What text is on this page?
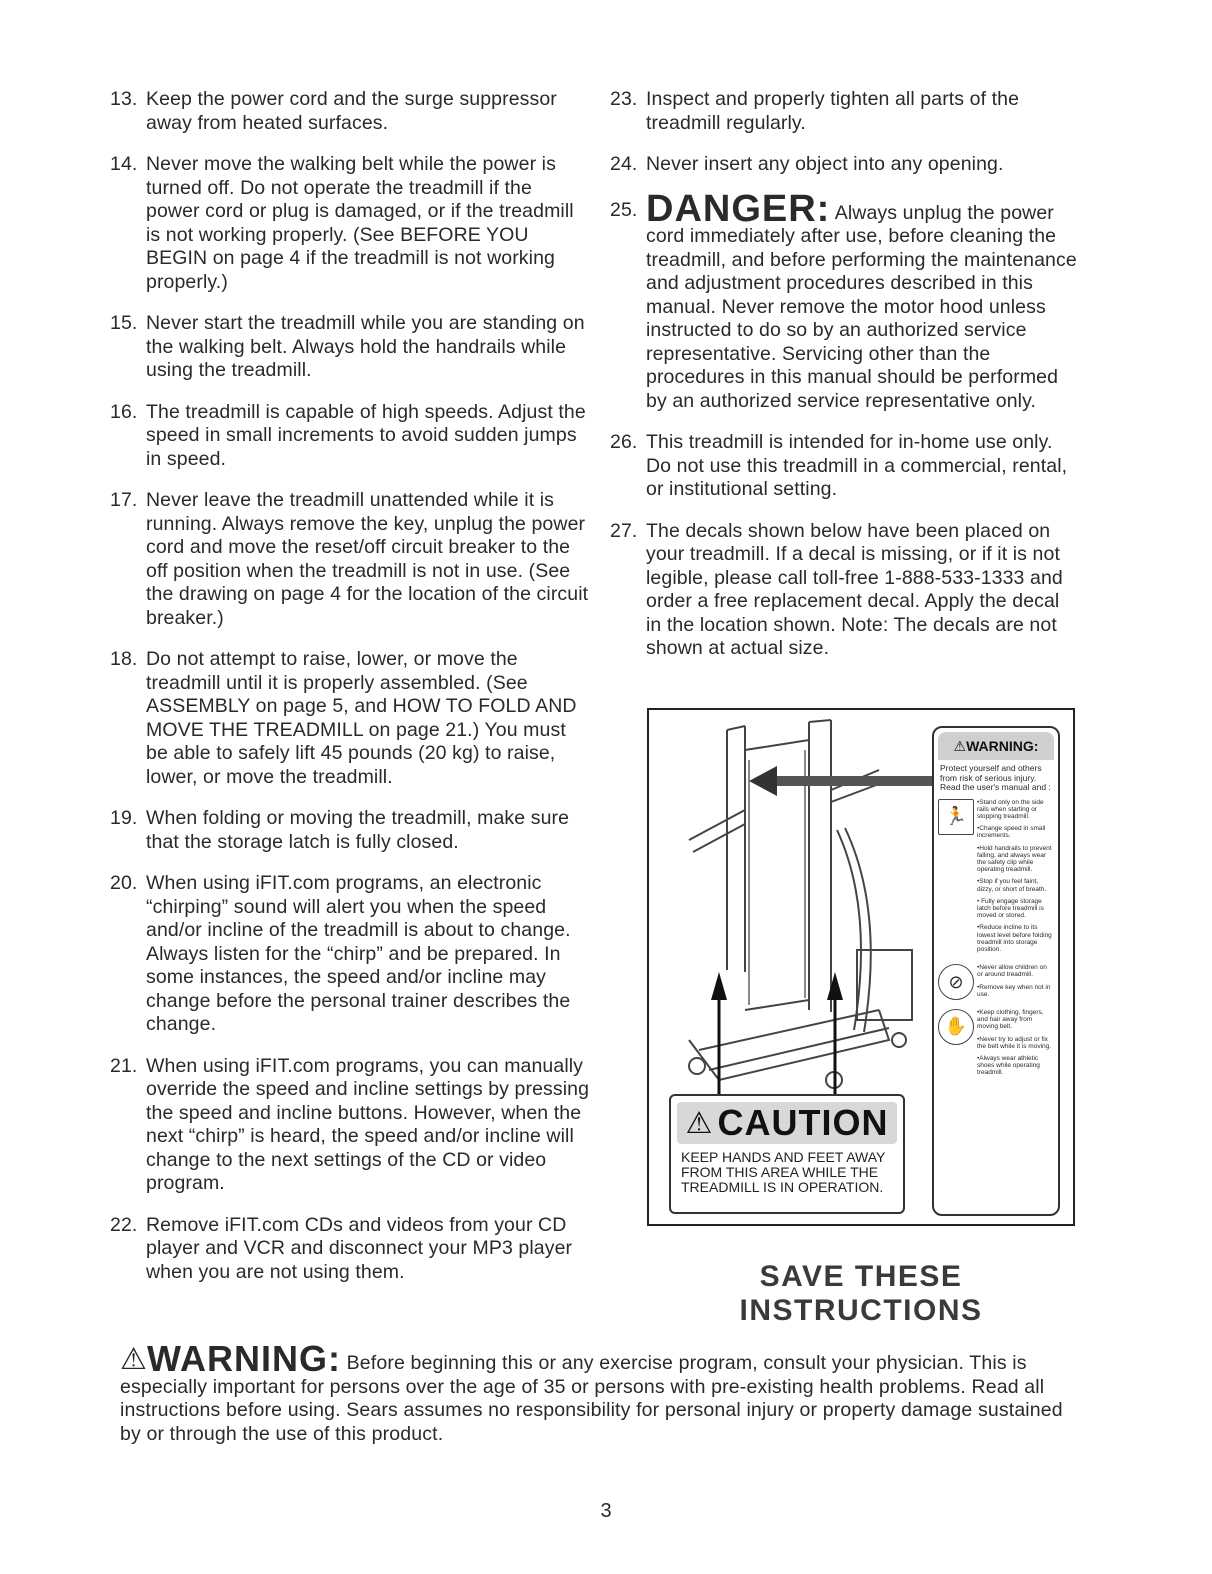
13. Keep the power cord and the surge suppressor away from heated surfaces.
14. Never move the walking belt while the power is turned off. Do not operate the treadmill if the power cord or plug is damaged, or if the treadmill is not working properly. (See BEFORE YOU BEGIN on page 4 if the treadmill is not working properly.)
15. Never start the treadmill while you are standing on the walking belt. Always hold the handrails while using the treadmill.
16. The treadmill is capable of high speeds. Adjust the speed in small increments to avoid sudden jumps in speed.
17. Never leave the treadmill unattended while it is running. Always remove the key, unplug the power cord and move the reset/off circuit breaker to the off position when the treadmill is not in use. (See the drawing on page 4 for the location of the circuit breaker.)
18. Do not attempt to raise, lower, or move the treadmill until it is properly assembled. (See ASSEMBLY on page 5, and HOW TO FOLD AND MOVE THE TREADMILL on page 21.) You must be able to safely lift 45 pounds (20 kg) to raise, lower, or move the treadmill.
19. When folding or moving the treadmill, make sure that the storage latch is fully closed.
20. When using iFIT.com programs, an electronic “chirping” sound will alert you when the speed and/or incline of the treadmill is about to change. Always listen for the “chirp” and be prepared. In some instances, the speed and/or incline may change before the personal trainer describes the change.
21. When using iFIT.com programs, you can manually override the speed and incline settings by pressing the speed and incline buttons. However, when the next “chirp” is heard, the speed and/or incline will change to the next settings of the CD or video program.
22. Remove iFIT.com CDs and videos from your CD player and VCR and disconnect your MP3 player when you are not using them.
23. Inspect and properly tighten all parts of the treadmill regularly.
24. Never insert any object into any opening.
25. DANGER: Always unplug the power cord immediately after use, before cleaning the treadmill, and before performing the maintenance and adjustment procedures described in this manual. Never remove the motor hood unless instructed to do so by an authorized service representative. Servicing other than the procedures in this manual should be performed by an authorized service representative only.
26. This treadmill is intended for in-home use only. Do not use this treadmill in a commercial, rental, or institutional setting.
27. The decals shown below have been placed on your treadmill. If a decal is missing, or if it is not legible, please call toll-free 1-888-533-1333 and order a free replacement decal. Apply the decal in the location shown. Note: The decals are not shown at actual size.
⚠WARNING:
Protect yourself and others from risk of serious injury. Read the user's manual and :
🏃
•Stand only on the side rails when starting or stopping treadmill.
•Change speed in small increments.
•Hold handrails to prevent falling, and always wear the safety clip while operating treadmill.
•Stop if you feel faint, dizzy, or short of breath.
• Fully engage storage latch before treadmill is moved or stored.
•Reduce incline to its lowest level before folding treadmill into storage position.
⊘
•Never allow children on or around treadmill.
•Remove key when not in use.
✋
•Keep clothing, fingers, and hair away from moving belt.
•Never try to adjust or fix the belt while it is moving.
•Always wear athletic shoes while operating treadmill.
⚠ CAUTION
KEEP HANDS AND FEET AWAY FROM THIS AREA WHILE THE TREADMILL IS IN OPERATION.
SAVE THESE INSTRUCTIONS
⚠WARNING: Before beginning this or any exercise program, consult your physician. This is especially important for persons over the age of 35 or persons with pre-existing health problems. Read all instructions before using. Sears assumes no responsibility for personal injury or property damage sustained by or through the use of this product.
3
